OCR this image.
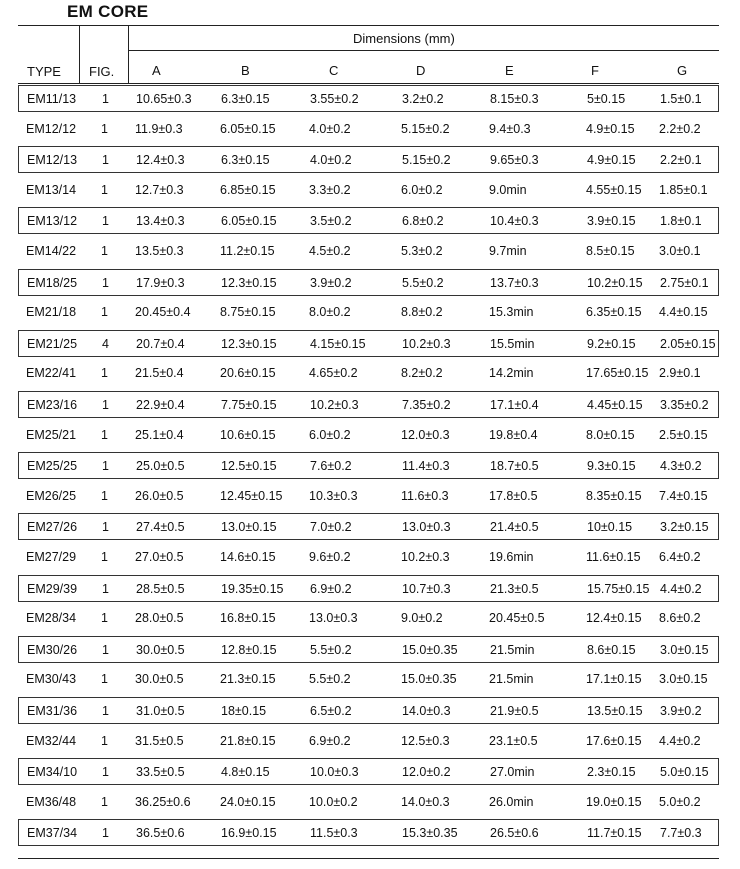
EM CORE
Dimensions (mm)
TYPE FIG.	A	B	C	D	E	F	G
EM11/13 1 10.65±0.3 6.3±0.15	3.55±0.2	3.2±0.2	8.15±0.3	5±0.15	1.5±0.1
EM12/12 1 11.9±0.3	6.05±0.15	4.0±0.2	5.15±0.2	9.4±0.3	4.9±0.15 2.2±0.2
EM12/13 1 12.4±0.3	6.3±0.15	4.0±0.2	5.15±0.2	9.65±0.3	4.9±0.15 2.2±0.1
EM13/14 1 12.7±0.3	6.85±0.15	3.3±0.2	6.0±0.2	9.0min	4.55±0.15 1.85±0.1
EM13/12 1 13.4±0.3	6.05±0.15	3.5±0.2	6.8±0.2	10.4±0.3	3.9±0.15 1.8±0.1
EM14/22 1 13.5±0.3	11.2±0.15	4.5±0.2	5.3±0.2	9.7min	8.5±0.15 3.0±0.1
EM18/25 1 17.9±0.3	12.3±0.15	3.9±0.2	5.5±0.2	13.7±0.3	10.2±0.15 2.75±0.1
EM21/18 1 20.45±0.4 8.75±0.15	8.0±0.2	8.8±0.2	15.3min	6.35±0.15 4.4±0.15
EM21/25 4 20.7±0.4	12.3±0.15	4.15±0.15	10.2±0.3	15.5min	9.2±0.15 2.05±0.15
EM22/41 1 21.5±0.4	20.6±0.15	4.65±0.2	8.2±0.2	14.2min	17.65±0.15 2.9±0.1
EM23/16 1 22.9±0.4	7.75±0.15	10.2±0.3	7.35±0.2	17.1±0.4	4.45±0.15 3.35±0.2
EM25/21 1 25.1±0.4	10.6±0.15	6.0±0.2	12.0±0.3	19.8±0.4	8.0±0.15 2.5±0.15
EM25/25 1 25.0±0.5	12.5±0.15	7.6±0.2	11.4±0.3	18.7±0.5	9.3±0.15 4.3±0.2
EM26/25 1 26.0±0.5	12.45±0.15 10.3±0.3	11.6±0.3	17.8±0.5	8.35±0.15 7.4±0.15
EM27/26 1 27.4±0.5	13.0±0.15	7.0±0.2	13.0±0.3	21.4±0.5	10±0.15 3.2±0.15
EM27/29 1 27.0±0.5	14.6±0.15	9.6±0.2	10.2±0.3	19.6min	11.6±0.15 6.4±0.2
EM29/39 1 28.5±0.5	19.35±0.15 6.9±0.2	10.7±0.3	21.3±0.5	15.75±0.15 4.4±0.2
EM28/34 1 28.0±0.5	16.8±0.15	13.0±0.3	9.0±0.2	20.45±0.5	12.4±0.15 8.6±0.2
EM30/26 1 30.0±0.5	12.8±0.15	5.5±0.2	15.0±0.35	21.5min	8.6±0.15 3.0±0.15
EM30/43 1 30.0±0.5	21.3±0.15	5.5±0.2	15.0±0.35	21.5min	17.1±0.15 3.0±0.15
EM31/36 1 31.0±0.5	18±0.15	6.5±0.2	14.0±0.3	21.9±0.5	13.5±0.15 3.9±0.2
EM32/44 1 31.5±0.5	21.8±0.15	6.9±0.2	12.5±0.3	23.1±0.5	17.6±0.15 4.4±0.2
EM34/10 1 33.5±0.5	4.8±0.15	10.0±0.3	12.0±0.2	27.0min	2.3±0.15 5.0±0.15
EM36/48 1 36.25±0.6 24.0±0.15	10.0±0.2	14.0±0.3	26.0min	19.0±0.15 5.0±0.2
EM37/34 1 36.5±0.6	16.9±0.15	11.5±0.3	15.3±0.35	26.5±0.6	11.7±0.15 7.7±0.3
